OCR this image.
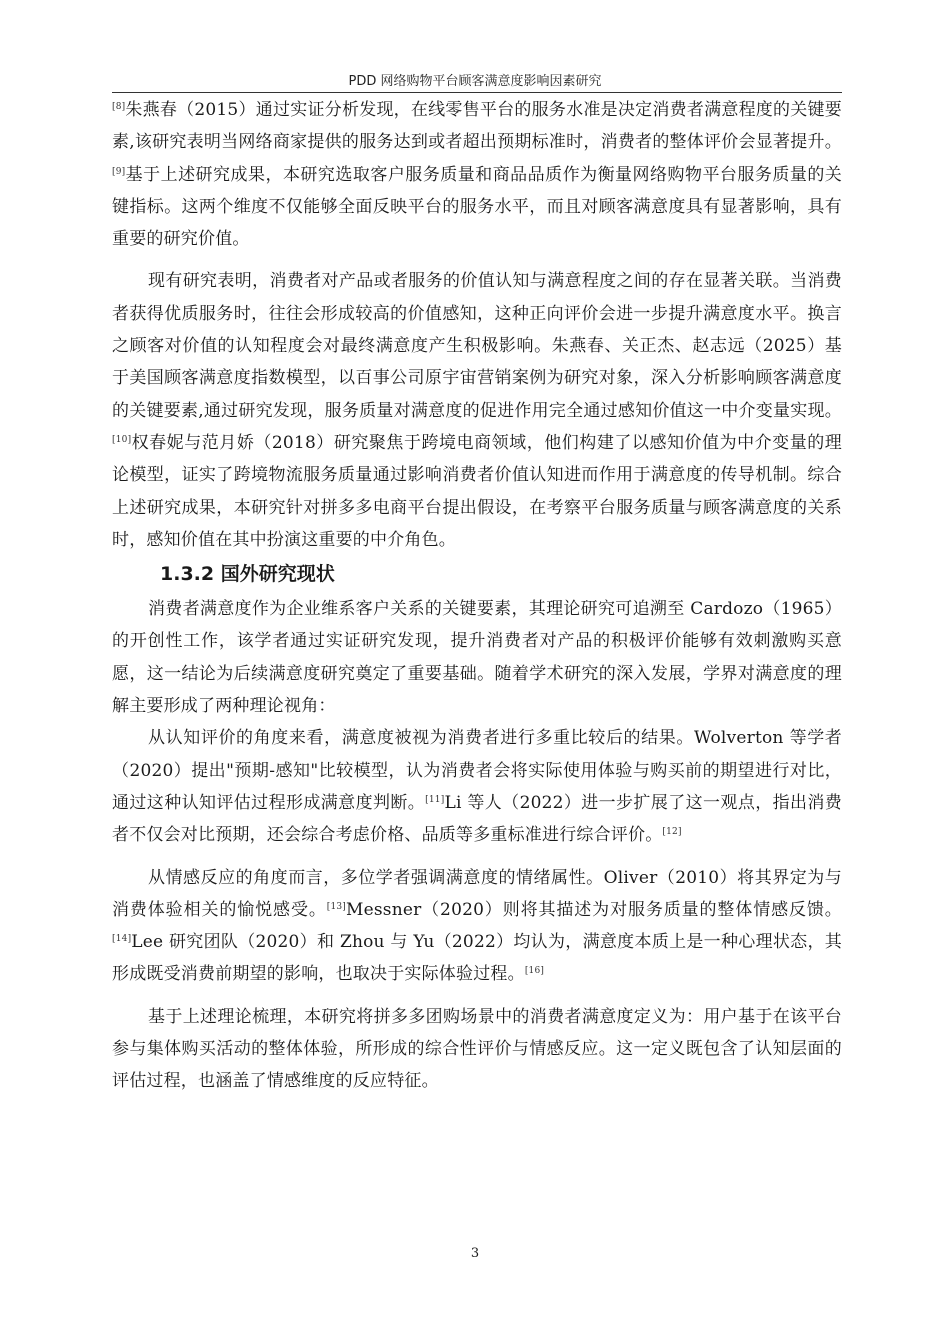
PDD 网络购物平台顾客满意度影响因素研究

[8]朱燕春（2015）通过实证分析发现，在线零售平台的服务水准是决定消费者满意程度的关键要素,该研究表明当网络商家提供的服务达到或者超出预期标准时，消费者的整体评价会显著提升。[9]基于上述研究成果，本研究选取客户服务质量和商品品质作为衡量网络购物平台服务质量的关键指标。这两个维度不仅能够全面反映平台的服务水平，而且对顾客满意度具有显著影响，具有重要的研究价值。

现有研究表明，消费者对产品或者服务的价值认知与满意程度之间的存在显著关联。当消费者获得优质服务时，往往会形成较高的价值感知，这种正向评价会进一步提升满意度水平。换言之顾客对价值的认知程度会对最终满意度产生积极影响。朱燕春、关正杰、赵志远（2025）基于美国顾客满意度指数模型，以百事公司原宇宙营销案例为研究对象，深入分析影响顾客满意度的关键要素,通过研究发现，服务质量对满意度的促进作用完全通过感知价值这一中介变量实现。[10]权春妮与范月娇（2018）研究聚焦于跨境电商领域，他们构建了以感知价值为中介变量的理论模型，证实了跨境物流服务质量通过影响消费者价值认知进而作用于满意度的传导机制。综合上述研究成果，本研究针对拼多多电商平台提出假设，在考察平台服务质量与顾客满意度的关系时，感知价值在其中扮演这重要的中介角色。

1.3.2 国外研究现状

消费者满意度作为企业维系客户关系的关键要素，其理论研究可追溯至 Cardozo（1965）的开创性工作，该学者通过实证研究发现，提升消费者对产品的积极评价能够有效刺激购买意愿，这一结论为后续满意度研究奠定了重要基础。随着学术研究的深入发展，学界对满意度的理解主要形成了两种理论视角：

从认知评价的角度来看，满意度被视为消费者进行多重比较后的结果。Wolverton 等学者（2020）提出"预期-感知"比较模型，认为消费者会将实际使用体验与购买前的期望进行对比，通过这种认知评估过程形成满意度判断。[11]Li 等人（2022）进一步扩展了这一观点，指出消费者不仅会对比预期，还会综合考虑价格、品质等多重标准进行综合评价。[12]

从情感反应的角度而言，多位学者强调满意度的情绪属性。Oliver（2010）将其界定为与消费体验相关的愉悦感受。[13]Messner（2020）则将其描述为对服务质量的整体情感反馈。[14]Lee 研究团队（2020）和 Zhou 与 Yu（2022）均认为，满意度本质上是一种心理状态，其形成既受消费前期望的影响，也取决于实际体验过程。[16]

基于上述理论梳理，本研究将拼多多团购场景中的消费者满意度定义为：用户基于在该平台参与集体购买活动的整体体验，所形成的综合性评价与情感反应。这一定义既包含了认知层面的评估过程，也涵盖了情感维度的反应特征。

3
